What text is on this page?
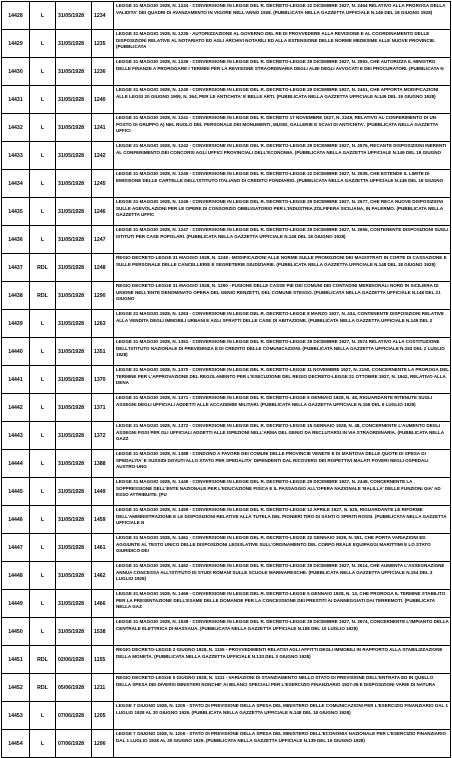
14428	L	31/05/1928	1234	LEGGE 31 MAGGIO 1928, N. 1234 - CONVERSIONE IN LEGGE DEL R. DECRETO-LEGGE 22 DICEMBRE 1927, N. 2464 RELATIVO ALLA PROROGA DELLA VALIDITA' DEI QUADRI DI AVANZAMENTO IN VIGORE NELL'ANNO 1928. (PUBBLICATA NELLA GAZZETTA UFFICIALE N.148 DEL 18 GIUGNO 1928)

14429	L	31/05/1928	1235	LEGGE 31 MAGGIO 1928, N. 1235 - AUTORIZZAZIONE AL GOVERNO DEL RE DI PROVVEDERE ALLA REVISIONE E AL COORDINAMENTO DELLE DISPOSIZIONI RELATIVE AL NOTARIATO ED AGLI ARCHIVI NOTARILI ED ALLA ESTENSIONE DELLE NORME MEDESIME ALLE NUOVE PROVINCIE. (PUBBLICATA

14430	L	31/05/1928	1236	LEGGE 31 MAGGIO 1928, N. 1236 - CONVERSIONE IN LEGGE DEL R. DECRETO-LEGGE 29 DICEMBRE 1927, N. 2593, CHE AUTORIZZA IL MINISTRO DELLE FINANZE A PROROGARE I TERMINI PER LA REVISIONE STRAORDINARIA DEGLI ALBI DEGLI AVVOCATI E DEI PROCURATORI. (PUBBLICATA N

14431	L	31/05/1928	1240	LEGGE 31 MAGGIO 1928, N. 1240 - CONVERSIONE IN LEGGE DEL R. DECRETO-LEGGE 29 DICEMBRE 1927, N. 2461, CHE APPORTA MODIFICAZIONI ALLE LEGGI 20 GIUGNO 1909, N. 364, PER LE ANTICHITA' E BELLE ARTI. (PUBBLICATA NELLA GAZZETTA UFFICIALE N.149 DEL 19 GIUGNO 1928)

14432	L	31/05/1928	1241	LEGGE 31 MAGGIO 1928, N. 1241 - CONVERSIONE IN LEGGE DEL R. DECRETO 17 NOVEMBRE 1927, N. 2249, RELATIVO AL CONFERIMENTO DI UN POSTO DI GRUPPO A) NEL RUOLO DEL PERSONALE DEI MONUMENTI, MUSEI, GALLERIE E SCAVI DI ANTICHITA'. (PUBBLICATA NELLA GAZZETTA UFFICI

14433	L	31/05/1928	1242	LEGGE 31 MAGGIO 1928, N. 1242 - CONVERSIONE IN LEGGE DEL R. DECRETO-LEGGE 29 DICEMBRE 1927, N. 2575, RECANTE DISPOSIZIONI INERENTI AL CONFERIMENTO DEI CONCORSI AGLI UFFICI PROVINCIALI DELL'ECONOMIA. (PUBBLICATA NELLA GAZZETTA UFFICIALE N.149 DEL 19 GIUGNO

14434	L	31/05/1928	1245	LEGGE 31 MAGGIO 1928, N. 1245 - CONVERSIONE IN LEGGE DEL R. DECRETO-LEGGE 22 DICEMBRE 1927, N. 2535, CHE ESTENDE IL LIMITE DI EMISSIONE DELLE CARTELLE DELL'ISTITUTO ITALIANO DI CREDITO FONDIARIO. (PUBBLICATA NELLA GAZZETTA UFFICIALE N.148 DEL 18 GIUGNO

14435	L	31/05/1928	1246	LEGGE 31 MAGGIO 1928, N. 1246 - CONVERSIONE IN LEGGE DEL R. DECRETO-LEGGE 29 DICEMBRE 1927, N. 2677, CHE RECA NUOVE DISPOSIZIONI SULLE AGEVOLAZIONI PER LE OPERE DI CONSORZIO OBBLIGATORIO PER L'INDUSTRIA ZOLFIFERA SICILIANA, IN PALERMO. (PUBBLICATA NELLA GAZZETTA UFFIC

14436	L	31/05/1928	1247	LEGGE 31 MAGGIO 1928, N. 1247 - CONVERSIONE IN LEGGE DEL R. DECRETO-LEGGE 29 DICEMBRE 1927, N. 2655, CONTENENTE DISPOSIZIONI SUGLI ISTITUTI PER CASE POPOLARI. (PUBBLICATA NELLA GAZZETTA UFFICIALE N.148 DEL 18 GIUGNO 1928)

14437	RDL	31/05/1928	1248	REGIO DECRETO-LEGGE 31 MAGGIO 1928, N. 1248 - MODIFICAZIONI ALLE NORME SULLE PROMOZIONI DEI MAGISTRATI IN CORTE DI CASSAZIONE E SULLE PERSONALE DELLE CANCELLERIE E SEGRETERIE GIUDIZIARIE. (PUBBLICATA NELLA GAZZETTA UFFICIALE N.148 DEL 18 GIUGNO 1928)

14438	RDL	31/05/1928	1290	REGIO DECRETO-LEGGE 31 MAGGIO 1928, N. 1290 - FUSIONE DELLE CASSE PIE DEI COMUNI DEI CONTADINI MERIDIONALI NORD IN SICILIERA DI UNIONE NELL'ENTE DENOMINATO OPERA DEL GENIO RENZETTI, DEL COMUNE STESSO. (PUBBLICATA NELLA GAZZETTA UFFICIALE N.148 DEL 21 GIUGNO

14439	L	31/05/1928	1263	LEGGE 31 MAGGIO 1928, N. 1263 - CONVERSIONE IN LEGGE DEL R. DECRETO-LEGGE 8 MARZO 1927, N. 434, CONTENENTE DISPOSIZIONI RELATIVE ALLA VENDITA DEGLI IMMOBILI URBANI E AGLI SFRATTI DELLE CASE DI ABITAZIONE. (PUBBLICATA NELLA GAZZETTA UFFICIALE N.149 DEL 2

14440	L	31/05/1928	1351	LEGGE 31 MAGGIO 1928, N. 1351 - CONVERSIONE IN LEGGE DEL R. DECRETO-LEGGE 29 DICEMBRE 1927, N. 2574 RELATIVO ALLA COSTITUZIONE DELL'ISTITUTO NAZIONALE DI PREVIDENZA E DI CREDITO DELLE COMUNICAZIONI. (PUBBLICATA NELLA GAZZETTA UFFICIALE N.153 DEL 2 LUGLIO 1928)

14441	L	31/05/1928	1370	LEGGE 31 MAGGIO 1928, N. 1370 - CONVERSIONE IN LEGGE DEL R. DECRETO-LEGGE 11 NOVEMBRE 1927, N. 2150, CONCERNENTE LA PROROGA DEL TERMINE PER L'APPROVAZIONE DEL REGOLAMENTO PER L'ESECUZIONE DEL REGIO DECRETO-LEGGE 21 OTTOBRE 1927, N. 1942, RELATIVO ALLA DENA

14442	L	31/05/1928	1371	LEGGE 31 MAGGIO 1928, N. 1371 - CONVERSIONE IN LEGGE DEL R. DECRETO-LEGGE 5 GENNAIO 1928, N. 48, RIGUARDANTE RITENUTE SUGLI ASSEGNI DEGLI UFFICIALI ADDETTI ALLE ACCADEMIE MILITARI. (PUBBLICATA NELLA GAZZETTA UFFICIALE N.159 DEL 6 LUGLIO 1928)

14443	L	31/05/1928	1372	LEGGE 31 MAGGIO 1928, N. 1372 - CONVERSIONE IN LEGGE DEL R. DECRETO-LEGGE 15 GENNAIO 1928, N. 48, CONCERNENTE L'AUMENTO DEGLI ASSEGNI FISSI PER GLI UFFICIALI ADDETTI ALLE ISPEZIONI NELL'ARMA DEL GENIO DA RECLUTARSI IN VIA STRAORDINARIA. (PUBBLICATA NELLA GAZZ

14444	L	31/05/1928	1388	LEGGE 31 MAGGIO 1928, N. 1388 - CONDONO A FAVORE DEI COMUNI DELLE PROVINCIE VENETE E DI MANTOVA DELLE QUOTE DI SPESA DI SPEDALITA' E SUSSIDI DOVUTI ALLO STATO PER SPEDALITA' DIPENDENTI DAL RICOVERO DEI RISPETTIVI MALATI POVERI NEGLI OSPEDALI AUSTRO-UNG

14445	L	31/05/1928	1449	LEGGE 31 MAGGIO 1928, N. 1449 - CONVERSIONE IN LEGGE DEL R. DECRETO-LEGGE 29 DICEMBRE 1927, N. 2449, CONCERNENTE LA SOPPRESSIONE DELL'ENTE NAZIONALE PER L'EDUCAZIONE FISICA E IL PASSAGGIO ALL'OPERA NAZIONALE 'BALILLA' DELLE FUNZIONI GIA' AD ESSO ATTRIBUITE. (PU

14446	L	31/05/1928	1459	LEGGE 31 MAGGIO 1928, N. 1459 - CONVERSIONE IN LEGGE DEL R. DECRETO-LEGGE 12 APRILE 1927, N. 625, RIGUARDANTE LE RIFORME DELL'AMMINISTRAZIONE E LE DISPOSIZIONI RELATIVE ALLA TUTELA DEL PIONIERI TIRO DI SANTI O SPIRITI ROSSI. (PUBBLICATA NELLA GAZZETTA UFFICIALE N

14447	L	31/05/1928	1461	LEGGE 31 MAGGIO 1928, N. 1461 - CONVERSIONE IN LEGGE DEL R. DECRETO-LEGGE 22 GENNAIO 1928, N. 551, CHE PORTA VARIAZIONI ED AGGIUNTE AL TESTO UNICO DELLE DISPOSIZIONI LEGISLATIVE SULL'ORDINAMENTO DEL CORPO REALE EQUIPAGGI MARITTIMI E LO STATO GIURIDICO DEI

14448	L	31/05/1928	1462	LEGGE 31 MAGGIO 1928, N. 1462 - CONVERSIONE IN LEGGE DEL R. DECRETO-LEGGE 29 DICEMBRE 1927, N. 2614, CHE AUMENTA L'ASSEGNAZIONE ANNUA CONCESSA ALL'ISTITUTO DI STUDI ROMANI SULLE SCUOLE MARINARESCHE. (PUBBLICATA NELLA GAZZETTA UFFICIALE N.154 DEL 3 LUGLIO 1928)

14449	L	31/05/1928	1466	LEGGE 31 MAGGIO 1928, N. 1466 - CONVERSIONE IN LEGGE DEL R. DECRETO-LEGGE 5 GENNAIO 1928, N. 13, CHE PROROGA IL TERMINE STABILITO PER LA PRESENTAZIONE DELL'ESAME DELLE DOMANDE PER LA CONCESSIONE DEI PRESTITI AI DANNEGGIATI DAI TERREMOTI. (PUBBLICATA NELLA GAZ

14450	L	31/05/1928	1538	LEGGE 31 MAGGIO 1928, N. 1538 - CONVERSIONE IN LEGGE DEL R. DECRETO-LEGGE 29 DICEMBRE 1927, N. 2674, CONCERNENTE L'IMPIANTO DELLA CENTRALE ELETTRICA DI MASSAUA. (PUBBLICATA NELLA GAZZETTA UFFICIALE N.158 DEL 10 LUGLIO 1928)

14451	RDL	02/06/1928	1155	REGIO DECRETO-LEGGE 2 GIUGNO 1928, N. 1155 - PROVVEDIMENTI RELATIVI AGLI AFFITTI DEGLI IMMOBILI IN RAPPORTO ALLA STABILIZZAZIONE DELLA MONETA. (PUBBLICATA NELLA GAZZETTA UFFICIALE N.133 DEL 3 GIUGNO 1928)

14452	RDL	05/06/1928	1211	REGIO DECRETO-LEGGE 5 GIUGNO 1928, N. 1211 - VARIAZIONI DI STANZIAMENTO NELLO STATO DI PREVISIONE DELL'ENTRATA ED IN QUELLO DELLA SPESA DEI DIVERSI MINISTERI NONCHE' AI BILANCI SPECIALI PER L'ESERCIZIO FINANZIARIO 1927-28 E DISPOSIZIONI VARIE DI NATURA

14453	L	07/06/1928	1205	LEGGE 7 GIUGNO 1928, N. 1205 - STATO DI PREVISIONE DELLA SPESA DEL MINISTERO DELLE COMUNICAZIONI PER L'ESERCIZIO FINANZIARIO DAL 1 LUGLIO 1928 AL 30 GIUGNO 1929. (PUBBLICATA NELLA GAZZETTA UFFICIALE N.148 DEL 18 GIUGNO 1928)

14454	L	07/06/1928	1206	LEGGE 7 GIUGNO 1928, N. 1206 - STATO DI PREVISIONE DELLA SPESA DEL MINISTERO DELL'ECONOMIA NAZIONALE PER L'ESERCIZIO FINANZIARIO DAL 1 LUGLIO 1928 AL 30 GIUGNO 1929. (PUBBLICATA NELLA GAZZETTA UFFICIALE N.139 DEL 15 GIUGNO 1928)
